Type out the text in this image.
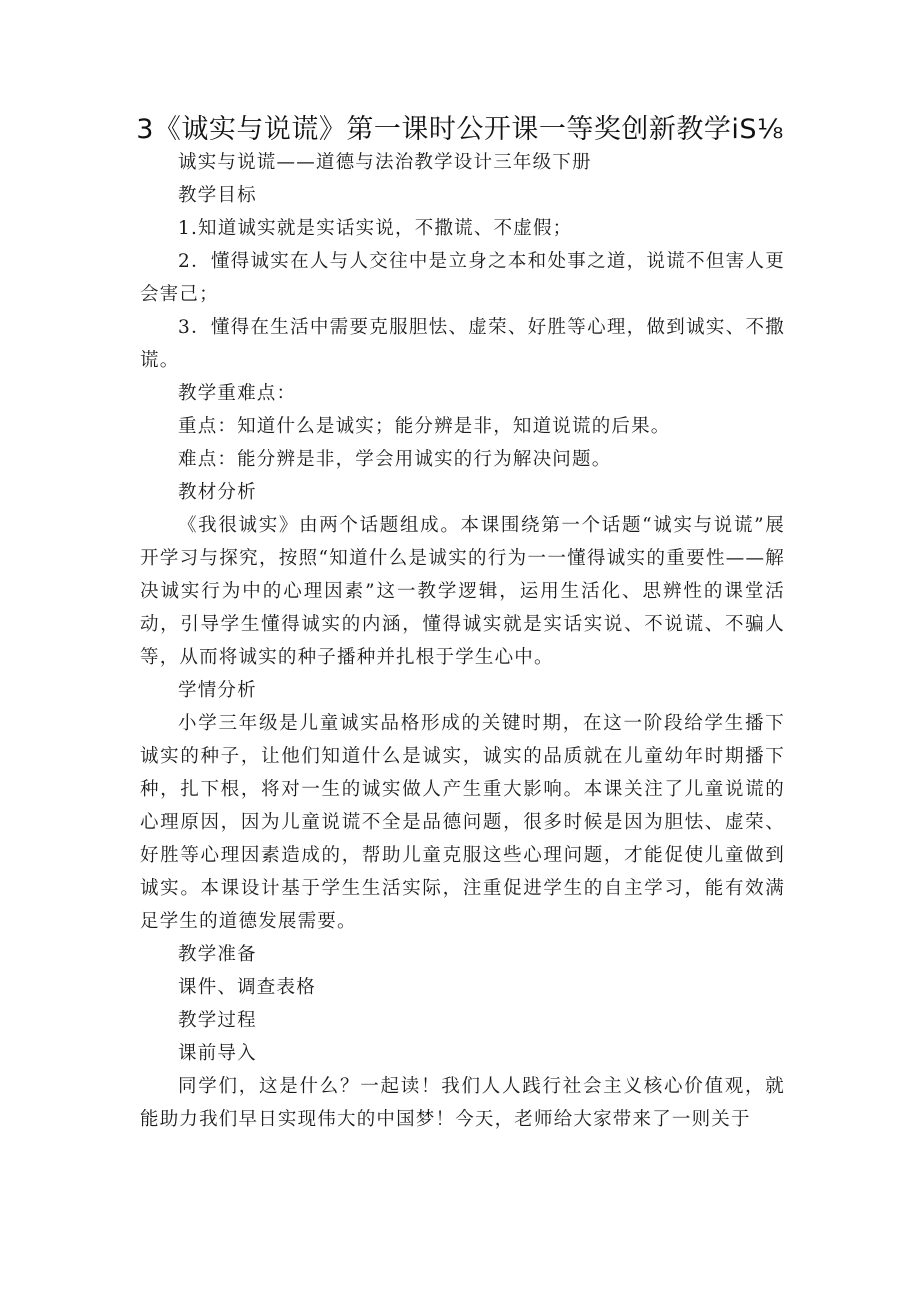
3《诚实与说谎》第一课时公开课一等奖创新教学iS⅛

诚实与说谎——道德与法治教学设计三年级下册

教学目标

1.知道诚实就是实话实说，不撒谎、不虚假；

2．懂得诚实在人与人交往中是立身之本和处事之道，说谎不但害人更会害己；

3．懂得在生活中需要克服胆怯、虚荣、好胜等心理，做到诚实、不撒谎。

教学重难点：

重点：知道什么是诚实；能分辨是非，知道说谎的后果。

难点：能分辨是非，学会用诚实的行为解决问题。

教材分析

《我很诚实》由两个话题组成。本课围绕第一个话题“诚实与说谎”展开学习与探究，按照“知道什么是诚实的行为一一懂得诚实的重要性——解决诚实行为中的心理因素”这一教学逻辑，运用生活化、思辨性的课堂活动，引导学生懂得诚实的内涵，懂得诚实就是实话实说、不说谎、不骗人等，从而将诚实的种子播种并扎根于学生心中。

学情分析

小学三年级是儿童诚实品格形成的关键时期，在这一阶段给学生播下诚实的种子，让他们知道什么是诚实，诚实的品质就在儿童幼年时期播下种，扎下根，将对一生的诚实做人产生重大影响。本课关注了儿童说谎的心理原因，因为儿童说谎不全是品德问题，很多时候是因为胆怯、虚荣、好胜等心理因素造成的，帮助儿童克服这些心理问题，才能促使儿童做到诚实。本课设计基于学生生活实际，注重促进学生的自主学习，能有效满足学生的道德发展需要。

教学准备

课件、调查表格

教学过程

课前导入

同学们，这是什么？一起读！我们人人践行社会主义核心价值观，就能助力我们早日实现伟大的中国梦！今天，老师给大家带来了一则关于
